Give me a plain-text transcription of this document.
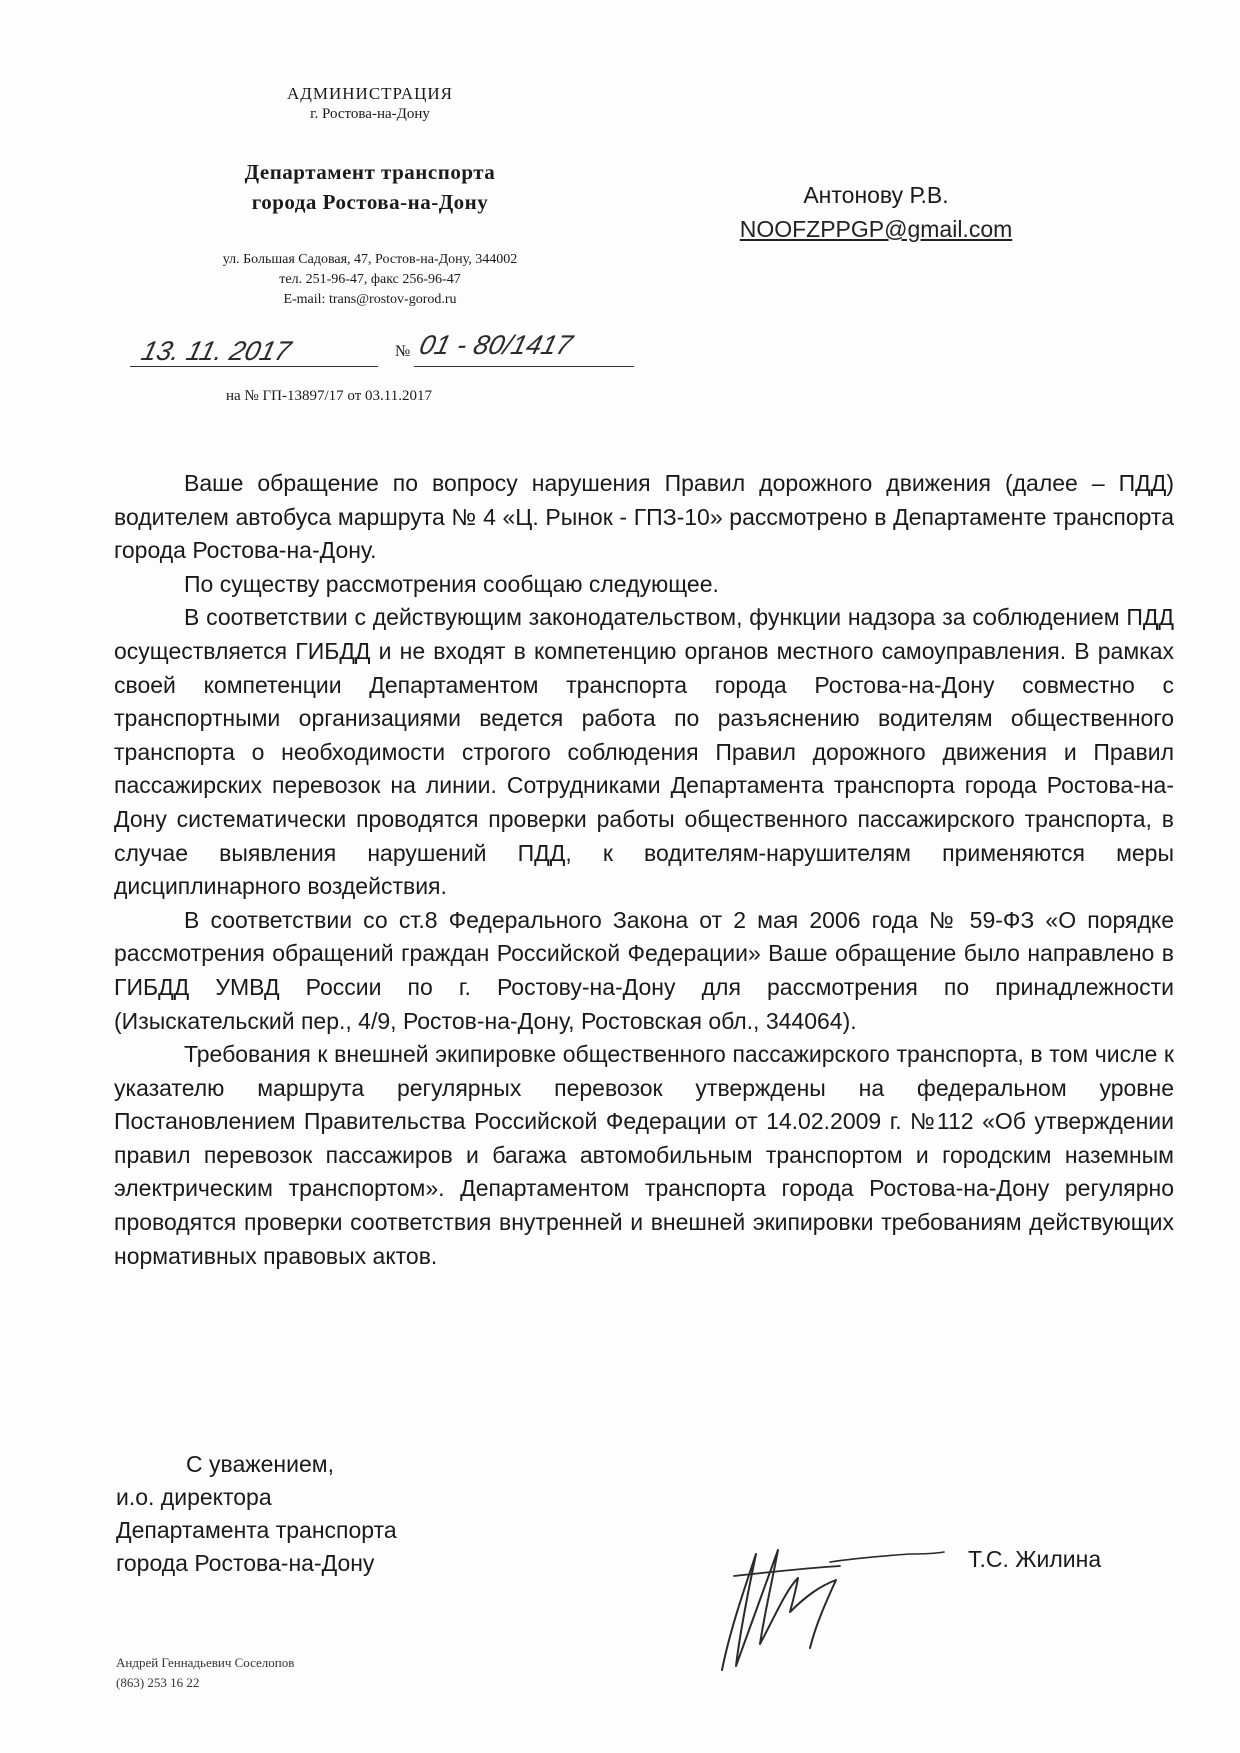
АДМИНИСТРАЦИЯ
г. Ростова-на-Дону
Департамент транспорта
города Ростова-на-Дону
ул. Большая Садовая, 47, Ростов-на-Дону, 344002
тел. 251-96-47, факс 256-96-47
E-mail: trans@rostov-gorod.ru
13. 11. 2017	№ 01 - 80/1417
на № ГП-13897/17 от 03.11.2017
Антонову Р.В.
NOOFZPPGP@gmail.com

Ваше обращение по вопросу нарушения Правил дорожного движения (далее – ПДД) водителем автобуса маршрута № 4 «Ц. Рынок - ГПЗ-10» рассмотрено в Департаменте транспорта города Ростова-на-Дону.

По существу рассмотрения сообщаю следующее.

В соответствии с действующим законодательством, функции надзора за соблюдением ПДД осуществляется ГИБДД и не входят в компетенцию органов местного самоуправления. В рамках своей компетенции Департаментом транспорта города Ростова-на-Дону совместно с транспортными организациями ведется работа по разъяснению водителям общественного транспорта о необходимости строгого соблюдения Правил дорожного движения и Правил пассажирских перевозок на линии. Сотрудниками Департамента транспорта города Ростова-на-Дону систематически проводятся проверки работы общественного пассажирского транспорта, в случае выявления нарушений ПДД, к водителям-нарушителям применяются меры дисциплинарного воздействия.

В соответствии со ст.8 Федерального Закона от 2 мая 2006 года № 59-ФЗ «О порядке рассмотрения обращений граждан Российской Федерации» Ваше обращение было направлено в ГИБДД УМВД России по г. Ростову-на-Дону для рассмотрения по принадлежности (Изыскательский пер., 4/9, Ростов-на-Дону, Ростовская обл., 344064).

Требования к внешней экипировке общественного пассажирского транспорта, в том числе к указателю маршрута регулярных перевозок утверждены на федеральном уровне Постановлением Правительства Российской Федерации от 14.02.2009 г. №112 «Об утверждении правил перевозок пассажиров и багажа автомобильным транспортом и городским наземным электрическим транспортом». Департаментом транспорта города Ростова-на-Дону регулярно проводятся проверки соответствия внутренней и внешней экипировки требованиям действующих нормативных правовых актов.

С уважением,
и.о. директора
Департамента транспорта
города Ростова-на-Дону	Т.С. Жилина
Андрей Геннадьевич Соселопов
(863) 253 16 22
